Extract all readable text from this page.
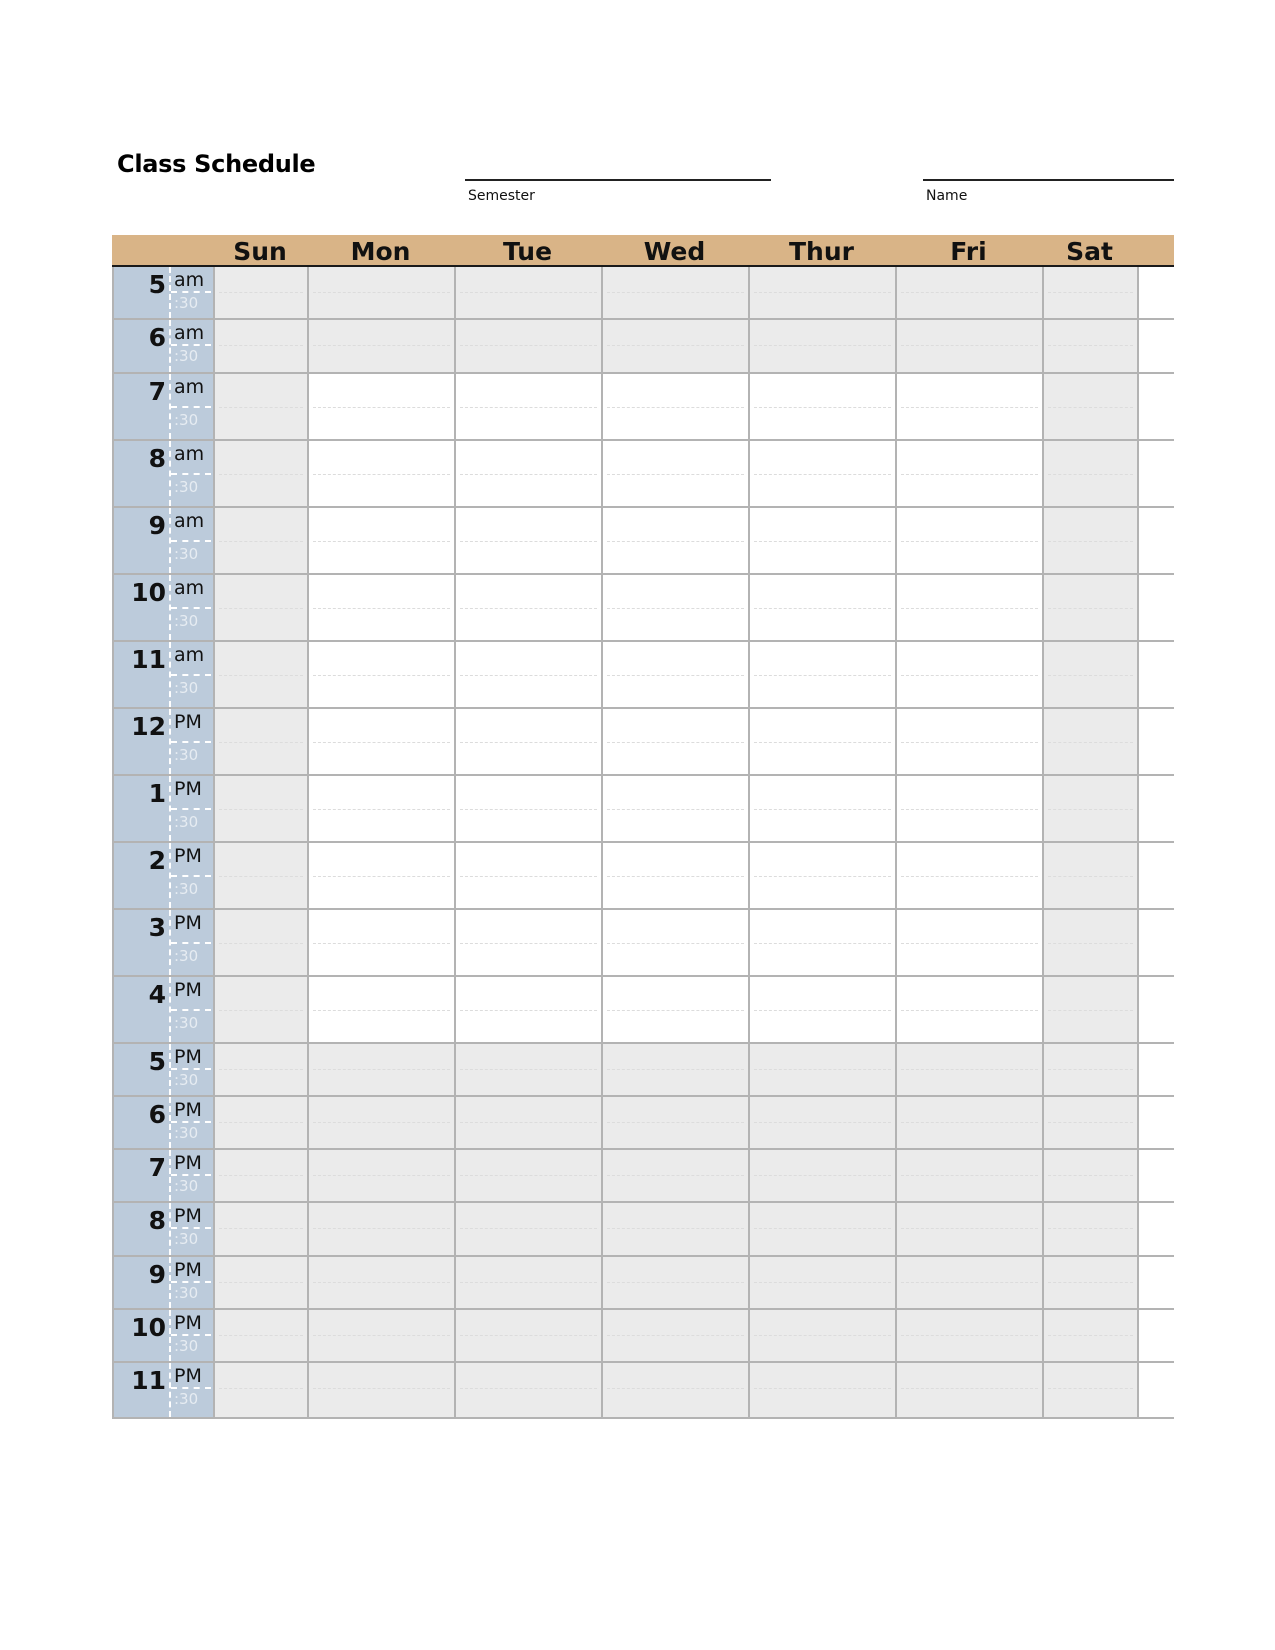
Class Schedule
Semester	Name
Sun	Mon	Tue	Wed	Thur	Fri	Sat
5 am
:30
6 am
:30
7 am
:30
8 am
:30
9 am
:30
10 am
:30
11 am
:30
12 PM
:30
1 PM
:30
2 PM
:30
3 PM
:30
4 PM
:30
5 PM
:30
6 PM
:30
7 PM
:30
8 PM
:30
9 PM
:30
10 PM
:30
11 PM
:30
